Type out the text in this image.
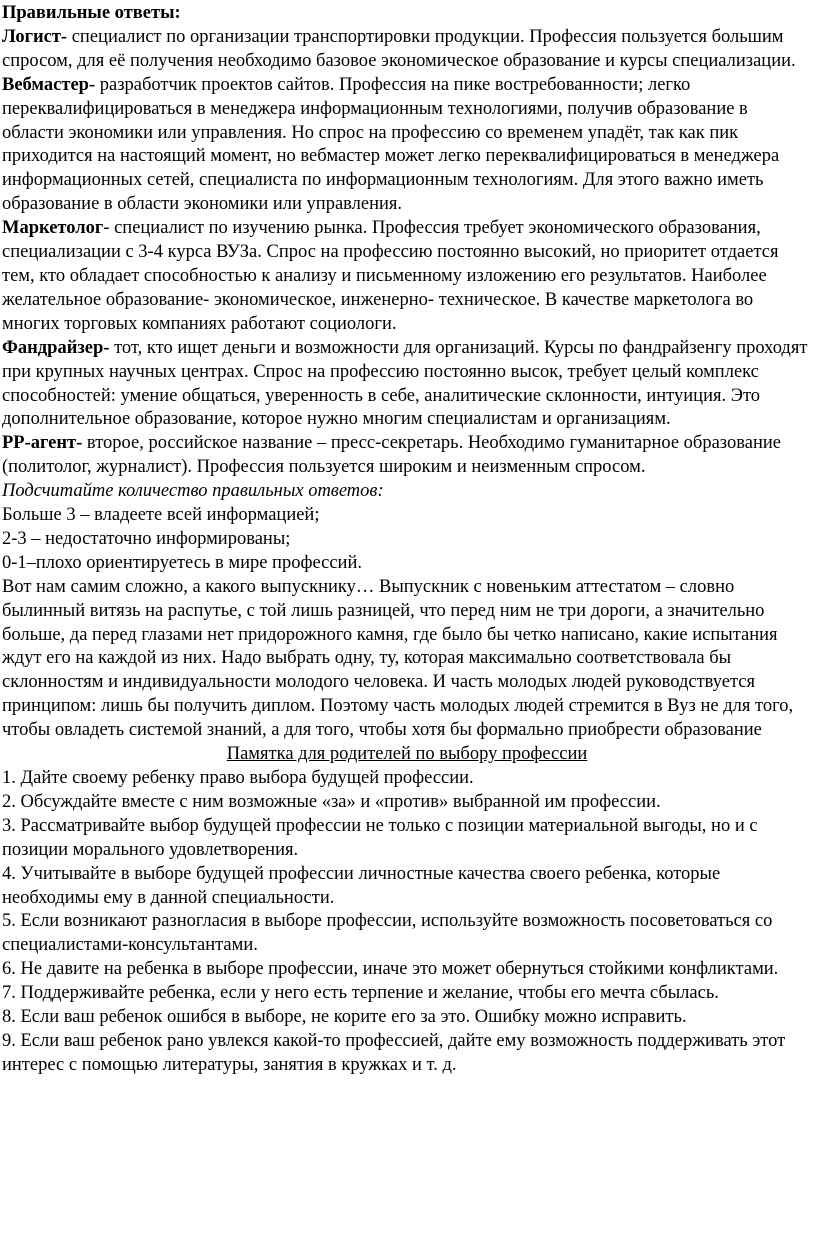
Правильные ответы:

Логист- специалист по организации транспортировки продукции. Профессия пользуется большим спросом, для её получения необходимо базовое экономическое образование и курсы специализации.

Вебмастер- разработчик проектов сайтов. Профессия на пике востребованности; легко переквалифицироваться в менеджера информационным технологиями, получив образование в области экономики или управления. Но спрос на профессию со временем упадёт, так как пик приходится на настоящий момент, но вебмастер может легко переквалифицироваться в менеджера информационных сетей, специалиста по информационным технологиям. Для этого важно иметь образование в области экономики или управления.

Маркетолог- специалист по изучению рынка. Профессия требует экономического образования, специализации с 3-4 курса ВУЗа. Спрос на профессию постоянно высокий, но приоритет отдается тем, кто обладает способностью к анализу и письменному изложению его результатов. Наиболее желательное образование- экономическое, инженерно- техническое. В качестве маркетолога во многих торговых компаниях работают социологи.

Фандрайзер- тот, кто ищет деньги и возможности для организаций. Курсы по фандрайзенгу проходят при крупных научных центрах. Спрос на профессию постоянно высок, требует целый комплекс способностей: умение общаться, уверенность в себе, аналитические склонности, интуиция. Это дополнительное образование, которое нужно многим специалистам и организациям.

PP-агент- второе, российское название – пресс-секретарь. Необходимо гуманитарное образование (политолог, журналист). Профессия пользуется широким и неизменным спросом.

Подсчитайте количество правильных ответов:

Больше 3 – владеете всей информацией;

2-3 – недостаточно информированы;

0-1–плохо ориентируетесь в мире профессий.

Вот нам самим сложно, а какого выпускнику… Выпускник с новеньким аттестатом – словно былинный витязь на распутье, с той лишь разницей, что перед ним не три дороги, а значительно больше, да перед глазами нет придорожного камня, где было бы четко написано, какие испытания ждут его на каждой из них. Надо выбрать одну, ту, которая максимально соответствовала бы склонностям и индивидуальности молодого человека. И часть молодых людей руководствуется принципом: лишь бы получить диплом. Поэтому часть молодых людей стремится в Вуз не для того, чтобы овладеть системой знаний, а для того, чтобы хотя бы формально приобрести образование

Памятка для родителей по выбору профессии

1. Дайте своему ребенку право выбора будущей профессии.

2. Обсуждайте вместе с ним возможные «за» и «против» выбранной им профессии.

3. Рассматривайте выбор будущей профессии не только с позиции материальной выгоды, но и с позиции морального удовлетворения.

4. Учитывайте в выборе будущей профессии личностные качества своего ребенка, которые необходимы ему в данной специальности.

5. Если возникают разногласия в выборе профессии, используйте возможность посоветоваться со специалистами-консультантами.

6. Не давите на ребенка в выборе профессии, иначе это может обернуться стойкими конфликтами.

7. Поддерживайте ребенка, если у него есть терпение и желание, чтобы его мечта сбылась.

8. Если ваш ребенок ошибся в выборе, не корите его за это. Ошибку можно исправить.

9. Если ваш ребенок рано увлекся какой-то профессией, дайте ему возможность поддерживать этот интерес с помощью литературы, занятия в кружках и т. д.
